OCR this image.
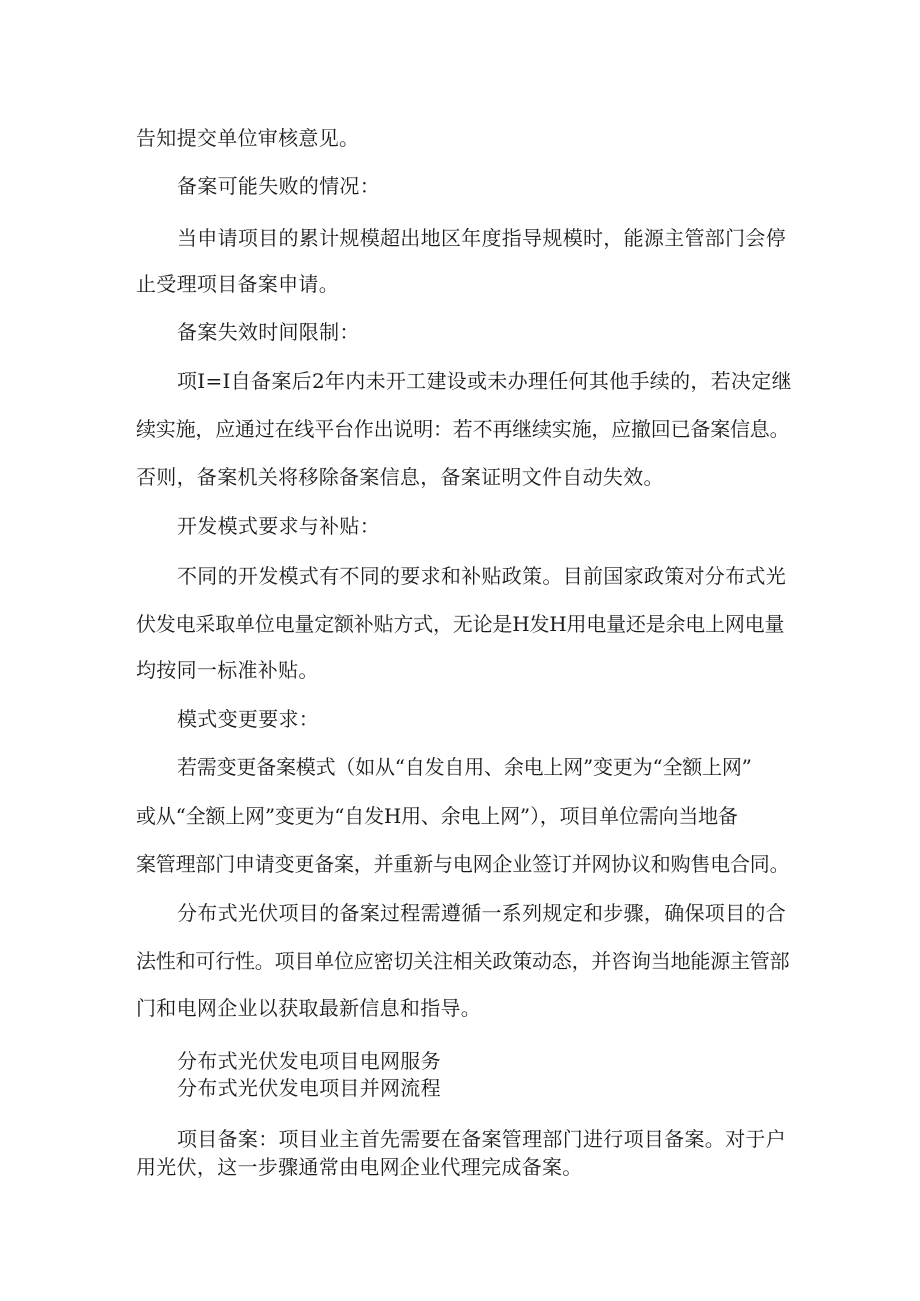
告知提交单位审核意见。
备案可能失败的情况：
当申请项目的累计规模超出地区年度指导规模时，能源主管部门会停
止受理项目备案申请。
备案失效时间限制：
项I=I自备案后2年内未开工建设或未办理任何其他手续的，若决定继
续实施，应通过在线平台作出说明：若不再继续实施，应撤回已备案信息。
否则，备案机关将移除备案信息，备案证明文件自动失效。
开发模式要求与补贴：
不同的开发模式有不同的要求和补贴政策。目前国家政策对分布式光
伏发电采取单位电量定额补贴方式，无论是H发H用电量还是余电上网电量
均按同一标准补贴。
模式变更要求：
若需变更备案模式（如从“自发自用、余电上网”变更为“全额上网”
或从“全额上网”变更为“自发H用、余电上网”），项目单位需向当地备
案管理部门申请变更备案，并重新与电网企业签订并网协议和购售电合同。
分布式光伏项目的备案过程需遵循一系列规定和步骤，确保项目的合
法性和可行性。项目单位应密切关注相关政策动态，并咨询当地能源主管部
门和电网企业以获取最新信息和指导。
分布式光伏发电项目电网服务
分布式光伏发电项目并网流程
项目备案：项目业主首先需要在备案管理部门进行项目备案。对于户
用光伏，这一步骤通常由电网企业代理完成备案。
